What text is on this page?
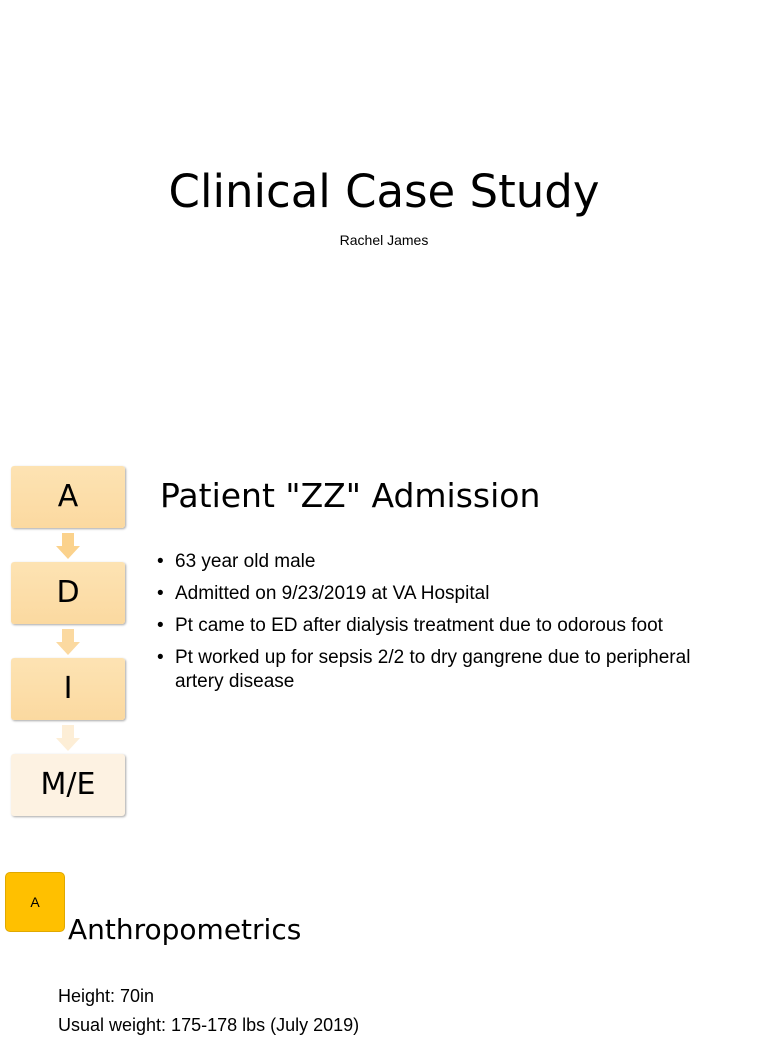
Clinical Case Study
Rachel James
A
D
I
M/E
Patient "ZZ" Admission
• 63 year old male
• Admitted on 9/23/2019 at VA Hospital
• Pt came to ED after dialysis treatment due to odorous foot
• Pt worked up for sepsis 2/2 to dry gangrene due to peripheral artery disease
A
Anthropometrics
Height: 70in
Usual weight: 175-178 lbs (July 2019)
